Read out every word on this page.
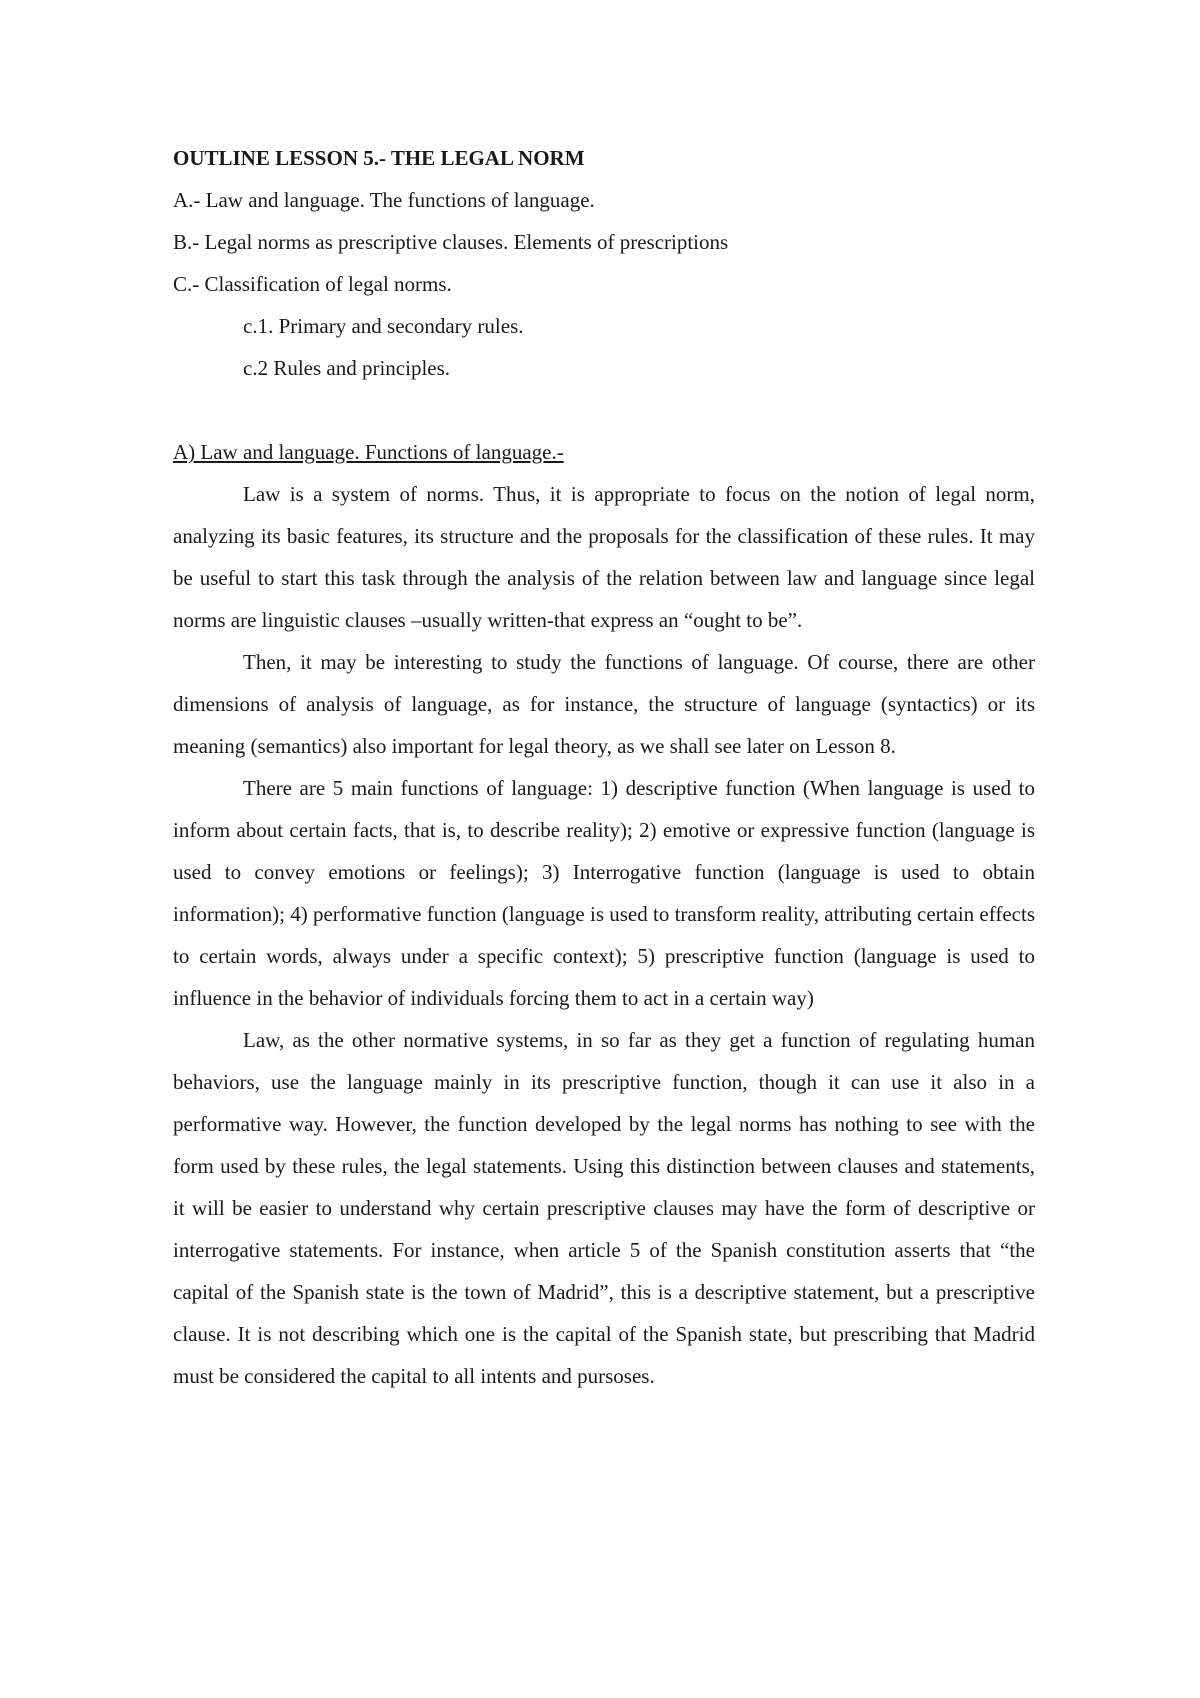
OUTLINE LESSON 5.- THE LEGAL NORM

A.- Law and language. The functions of language.

B.- Legal norms as prescriptive clauses. Elements of prescriptions

C.- Classification of legal norms.

c.1. Primary and secondary rules.

c.2 Rules and principles.

A) Law and language. Functions of language.-

Law is a system of norms. Thus, it is appropriate to focus on the notion of legal norm, analyzing its basic features, its structure and the proposals for the classification of these rules. It may be useful to start this task through the analysis of the relation between law and language since legal norms are linguistic clauses –usually written-that express an “ought to be”.

Then, it may be interesting to study the functions of language. Of course, there are other dimensions of analysis of language, as for instance, the structure of language (syntactics) or its meaning (semantics) also important for legal theory, as we shall see later on Lesson 8.

There are 5 main functions of language: 1) descriptive function (When language is used to inform about certain facts, that is, to describe reality); 2) emotive or expressive function (language is used to convey emotions or feelings); 3) Interrogative function (language is used to obtain information); 4) performative function (language is used to transform reality, attributing certain effects to certain words, always under a specific context); 5) prescriptive function (language is used to influence in the behavior of individuals forcing them to act in a certain way)

Law, as the other normative systems, in so far as they get a function of regulating human behaviors, use the language mainly in its prescriptive function, though it can use it also in a performative way. However, the function developed by the legal norms has nothing to see with the form used by these rules, the legal statements. Using this distinction between clauses and statements, it will be easier to understand why certain prescriptive clauses may have the form of descriptive or interrogative statements. For instance, when article 5 of the Spanish constitution asserts that “the capital of the Spanish state is the town of Madrid”, this is a descriptive statement, but a prescriptive clause. It is not describing which one is the capital of the Spanish state, but prescribing that Madrid must be considered the capital to all intents and pursoses.
